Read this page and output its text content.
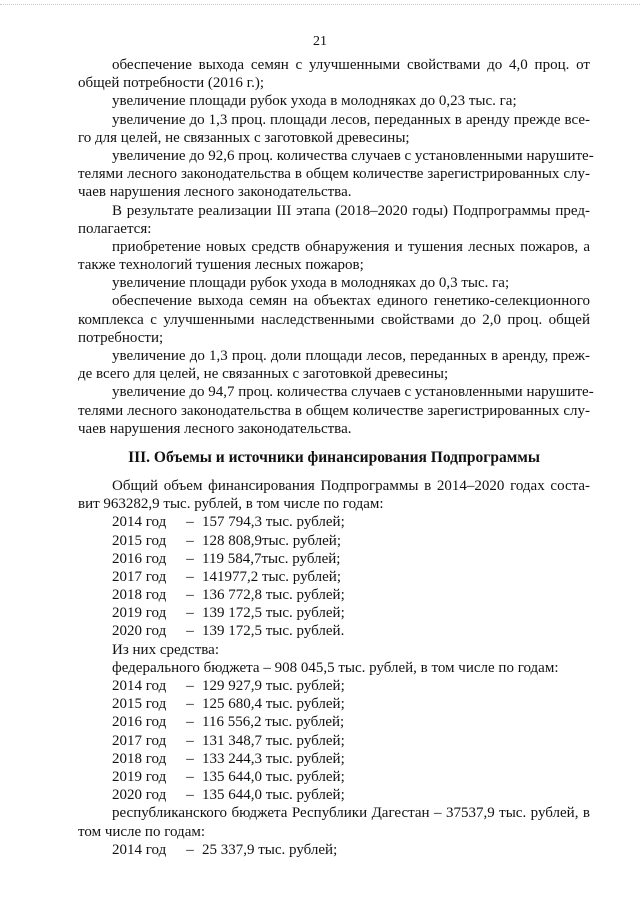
21
обеспечение выхода семян с улучшенными свойствами до 4,0 проц. от
общей потребности (2016 г.);
увеличение площади рубок ухода в молодняках до 0,23 тыс. га;
увеличение до 1,3 проц. площади лесов, переданных в аренду прежде все-
го для целей, не связанных с заготовкой древесины;
увеличение до 92,6 проц. количества случаев с установленными нарушите-
телями лесного законодательства в общем количестве зарегистрированных слу-
чаев нарушения лесного законодательства.
В результате реализации III этапа (2018–2020 годы) Подпрограммы пред-
полагается:
приобретение новых средств обнаружения и тушения лесных пожаров, а
также технологий тушения лесных пожаров;
увеличение площади рубок ухода в молодняках до 0,3 тыс. га;
обеспечение выхода семян на объектах единого генетико-селекционного
комплекса с улучшенными наследственными свойствами до 2,0 проц. общей
потребности;
увеличение до 1,3 проц. доли площади лесов, переданных в аренду, преж-
де всего для целей, не связанных с заготовкой древесины;
увеличение до 94,7 проц. количества случаев с установленными нарушите-
телями лесного законодательства в общем количестве зарегистрированных слу-
чаев нарушения лесного законодательства.
III. Объемы и источники финансирования Подпрограммы
Общий объем финансирования Подпрограммы в 2014–2020 годах соста-
вит 963282,9 тыс. рублей, в том числе по годам:
2014 год	– 157 794,3 тыс. рублей;
2015 год	– 128 808,9тыс. рублей;
2016 год	– 119 584,7тыс. рублей;
2017 год	– 141977,2 тыс. рублей;
2018 год	– 136 772,8 тыс. рублей;
2019 год	– 139 172,5 тыс. рублей;
2020 год	– 139 172,5 тыс. рублей.
Из них средства:
федерального бюджета – 908 045,5 тыс. рублей, в том числе по годам:
2014 год	– 129 927,9 тыс. рублей;
2015 год	– 125 680,4 тыс. рублей;
2016 год	– 116 556,2 тыс. рублей;
2017 год	– 131 348,7 тыс. рублей;
2018 год	– 133 244,3 тыс. рублей;
2019 год	– 135 644,0 тыс. рублей;
2020 год	– 135 644,0 тыс. рублей;
республиканского бюджета Республики Дагестан – 37537,9 тыс. рублей, в
том числе по годам:
2014 год	– 25 337,9 тыс. рублей;
